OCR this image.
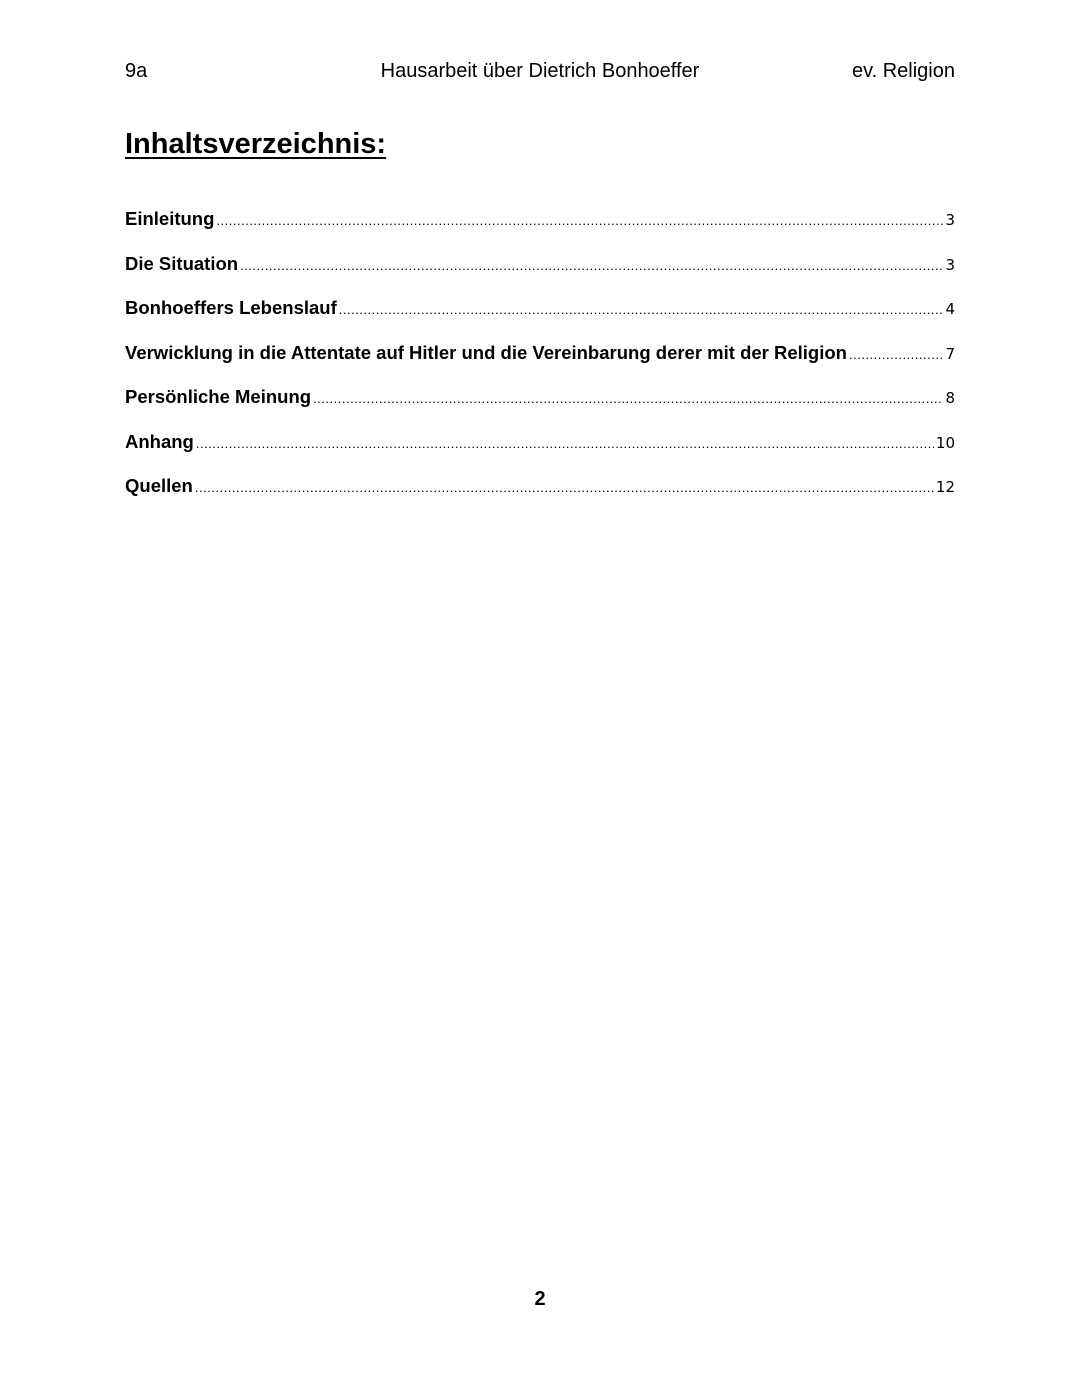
9a	Hausarbeit über Dietrich Bonhoeffer	ev. Religion
Inhaltsverzeichnis:
Einleitung .....	3
Die Situation .....	3
Bonhoeffers Lebenslauf .....	4
Verwicklung in die Attentate auf Hitler und die Vereinbarung derer mit der Religion .....	7
Persönliche Meinung .....	8
Anhang .....	10
Quellen .....	12
2
